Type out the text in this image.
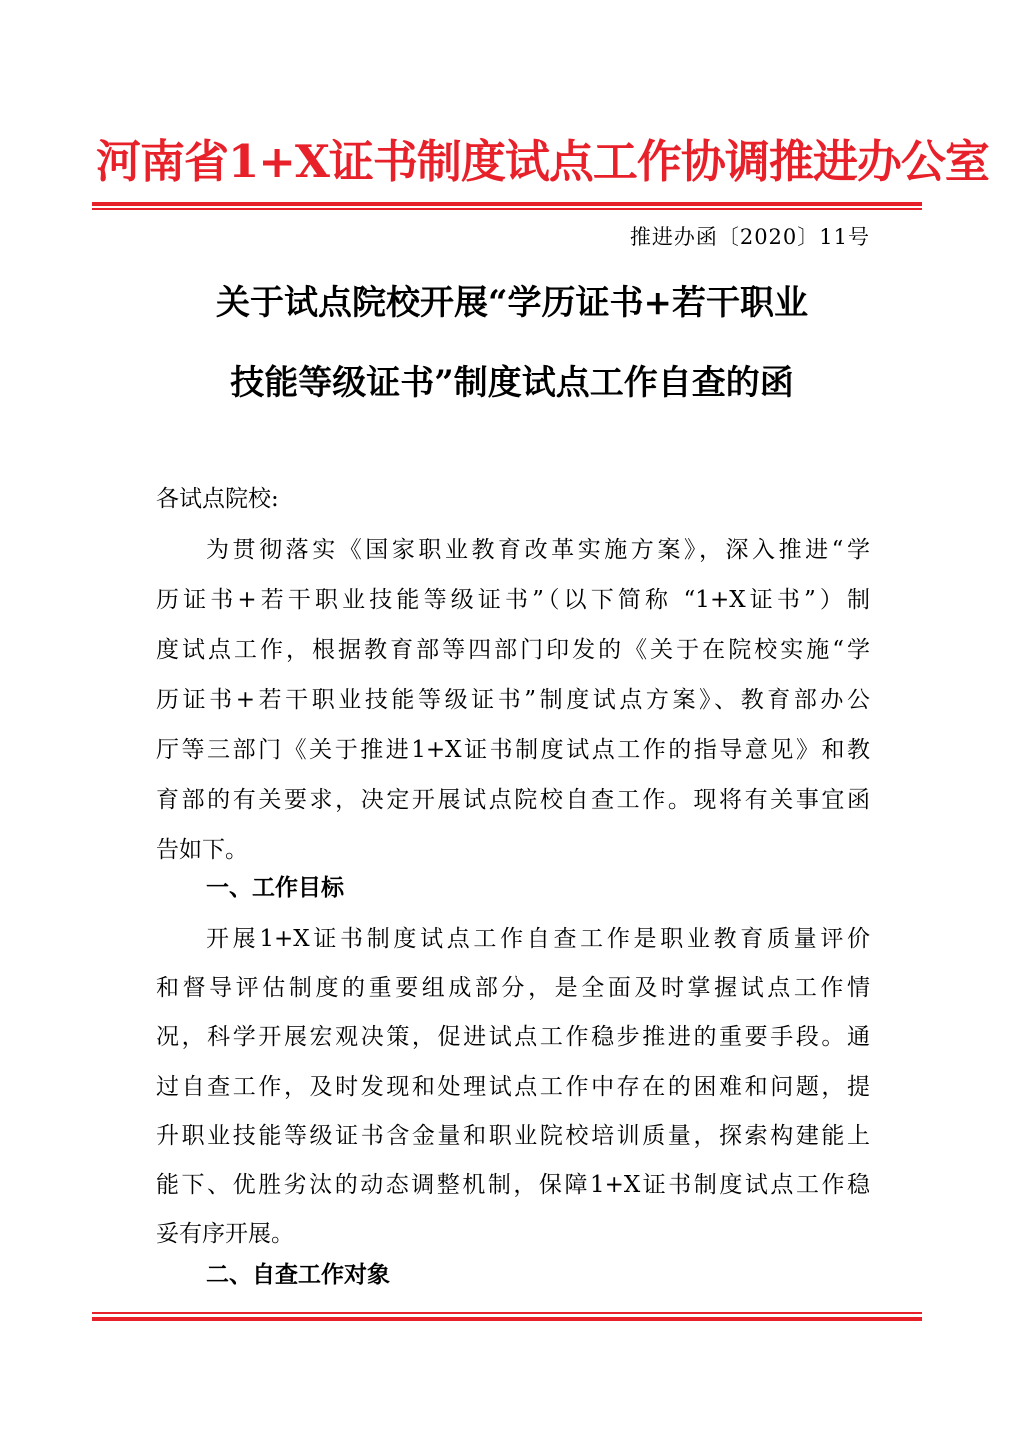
河南省1+X证书制度试点工作协调推进办公室
推进办函〔2020〕11号
关于试点院校开展“学历证书+若干职业
技能等级证书”制度试点工作自查的函
各试点院校:
为贯彻落实《国家职业教育改革实施方案》，深入推进“学
历证书+若干职业技能等级证书”（以下简称 “1+X证书”）制
度试点工作，根据教育部等四部门印发的《关于在院校实施“学
历证书+若干职业技能等级证书”制度试点方案》、教育部办公
厅等三部门《关于推进1+X证书制度试点工作的指导意见》和教
育部的有关要求，决定开展试点院校自查工作。现将有关事宜函
告如下。
一、工作目标
开展1+X证书制度试点工作自查工作是职业教育质量评价
和督导评估制度的重要组成部分，是全面及时掌握试点工作情
况，科学开展宏观决策，促进试点工作稳步推进的重要手段。通
过自查工作，及时发现和处理试点工作中存在的困难和问题，提
升职业技能等级证书含金量和职业院校培训质量，探索构建能上
能下、优胜劣汰的动态调整机制，保障1+X证书制度试点工作稳
妥有序开展。
二、自查工作对象
